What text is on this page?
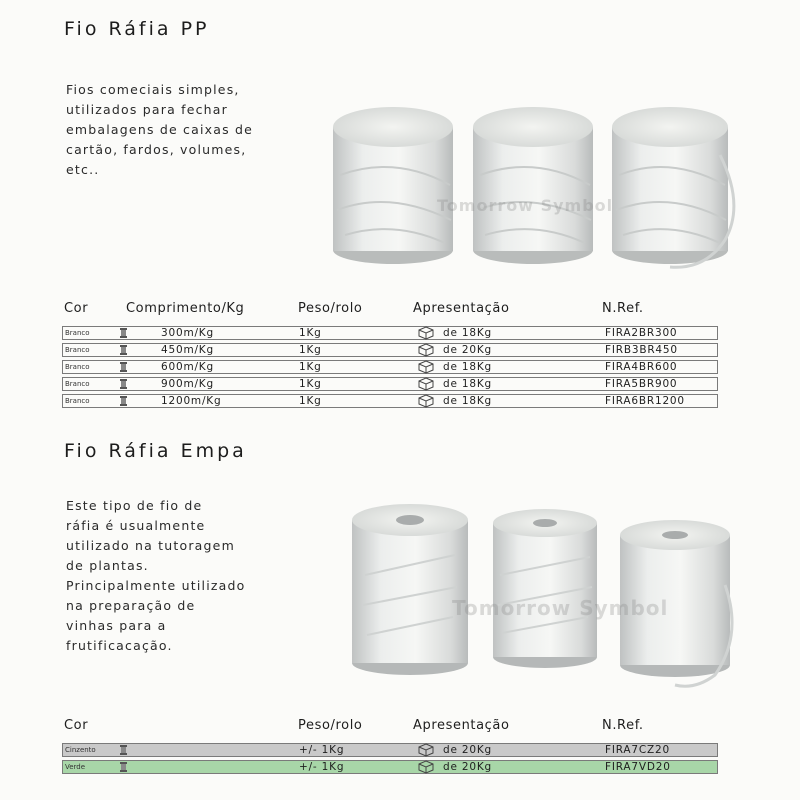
Fio Ráfia PP
Fios comeciais simples,
utilizados para fechar
embalagens de caixas de
cartão, fardos, volumes,
etc..
Tomorrow Symbol
Cor	Comprimento/Kg	Peso/rolo	Apresentação	N.Ref.
Branco	300m/Kg	1Kg	de 18Kg	FIRA2BR300
Branco	450m/Kg	1Kg	de 20Kg	FIRB3BR450
Branco	600m/Kg	1Kg	de 18Kg	FIRA4BR600
Branco	900m/Kg	1Kg	de 18Kg	FIRA5BR900
Branco	1200m/Kg	1Kg	de 18Kg	FIRA6BR1200
Fio Ráfia Empa
Este tipo de fio de
ráfia é usualmente
utilizado na tutoragem
de plantas.
Principalmente utilizado
na preparação de
vinhas para a
frutificacação.
Tomorrow Symbol
Cor	Peso/rolo	Apresentação	N.Ref.
Cinzento	+/- 1Kg	de 20Kg	FIRA7CZ20
Verde	+/- 1Kg	de 20Kg	FIRA7VD20
